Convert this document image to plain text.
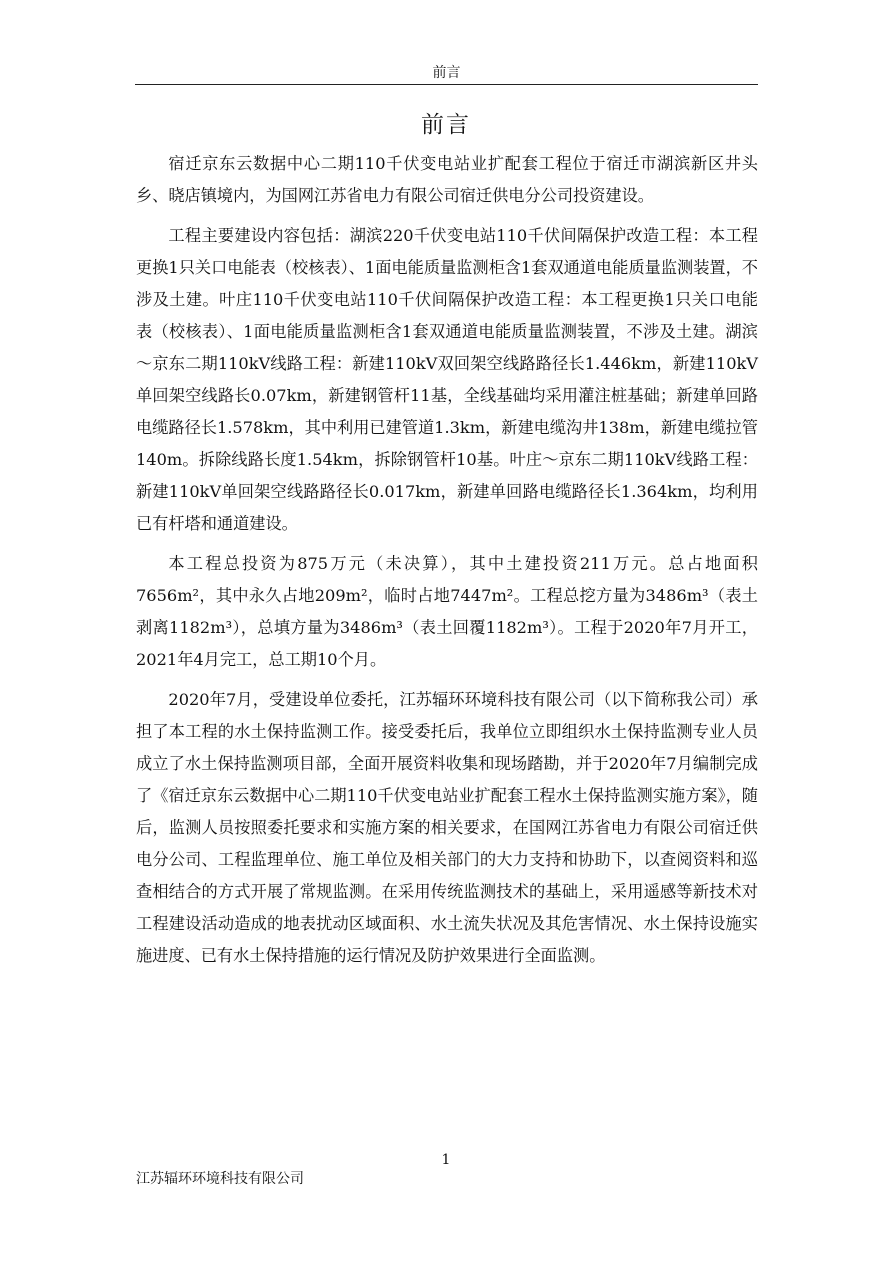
前言
前言

宿迁京东云数据中心二期110千伏变电站业扩配套工程位于宿迁市湖滨新区井头乡、晓店镇境内，为国网江苏省电力有限公司宿迁供电分公司投资建设。

工程主要建设内容包括：湖滨220千伏变电站110千伏间隔保护改造工程：本工程更换1只关口电能表（校核表）、1面电能质量监测柜含1套双通道电能质量监测装置，不涉及土建。叶庄110千伏变电站110千伏间隔保护改造工程：本工程更换1只关口电能表（校核表）、1面电能质量监测柜含1套双通道电能质量监测装置，不涉及土建。湖滨～京东二期110kV线路工程：新建110kV双回架空线路路径长1.446km，新建110kV单回架空线路长0.07km，新建钢管杆11基，全线基础均采用灌注桩基础；新建单回路电缆路径长1.578km，其中利用已建管道1.3km，新建电缆沟井138m，新建电缆拉管140m。拆除线路长度1.54km，拆除钢管杆10基。叶庄～京东二期110kV线路工程：新建110kV单回架空线路路径长0.017km，新建单回路电缆路径长1.364km，均利用已有杆塔和通道建设。

本工程总投资为875万元（未决算），其中土建投资211万元。总占地面积7656m²，其中永久占地209m²，临时占地7447m²。工程总挖方量为3486m³（表土剥离1182m³），总填方量为3486m³（表土回覆1182m³）。工程于2020年7月开工，2021年4月完工，总工期10个月。

2020年7月，受建设单位委托，江苏辐环环境科技有限公司（以下简称我公司）承担了本工程的水土保持监测工作。接受委托后，我单位立即组织水土保持监测专业人员成立了水土保持监测项目部，全面开展资料收集和现场踏勘，并于2020年7月编制完成了《宿迁京东云数据中心二期110千伏变电站业扩配套工程水土保持监测实施方案》，随后，监测人员按照委托要求和实施方案的相关要求，在国网江苏省电力有限公司宿迁供电分公司、工程监理单位、施工单位及相关部门的大力支持和协助下，以查阅资料和巡查相结合的方式开展了常规监测。在采用传统监测技术的基础上，采用遥感等新技术对工程建设活动造成的地表扰动区域面积、水土流失状况及其危害情况、水土保持设施实施进度、已有水土保持措施的运行情况及防护效果进行全面监测。

1
江苏辐环环境科技有限公司
